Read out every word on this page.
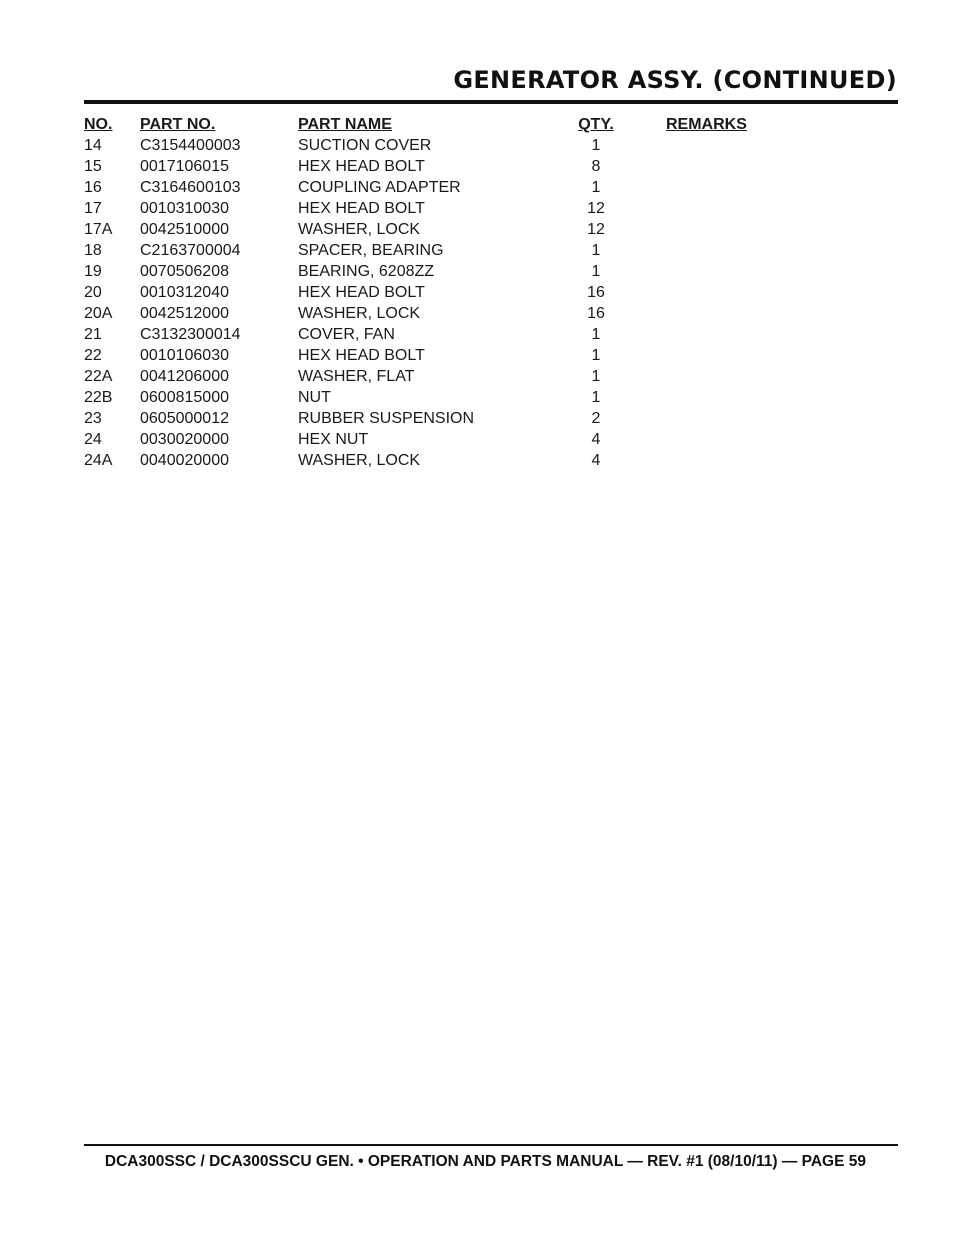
GENERATOR ASSY. (CONTINUED)
NO. PART NO.	PART NAME	QTY.	REMARKS
14 C3154400003	SUCTION COVER	1
15 0017106015	HEX HEAD BOLT	8
16 C3164600103	COUPLING ADAPTER	1
17 0010310030	HEX HEAD BOLT	12
17A 0042510000	WASHER, LOCK	12
18 C2163700004	SPACER, BEARING	1
19 0070506208	BEARING, 6208ZZ	1
20 0010312040	HEX HEAD BOLT	16
20A 0042512000	WASHER, LOCK	16
21 C3132300014	COVER, FAN	1
22 0010106030	HEX HEAD BOLT	1
22A 0041206000	WASHER, FLAT	1
22B 0600815000	NUT	1
23 0605000012	RUBBER SUSPENSION	2
24 0030020000	HEX NUT	4
24A 0040020000	WASHER, LOCK	4

DCA300SSC / DCA300SSCU GEN. • OPERATION AND PARTS MANUAL — REV. #1 (08/10/11) — PAGE 59
